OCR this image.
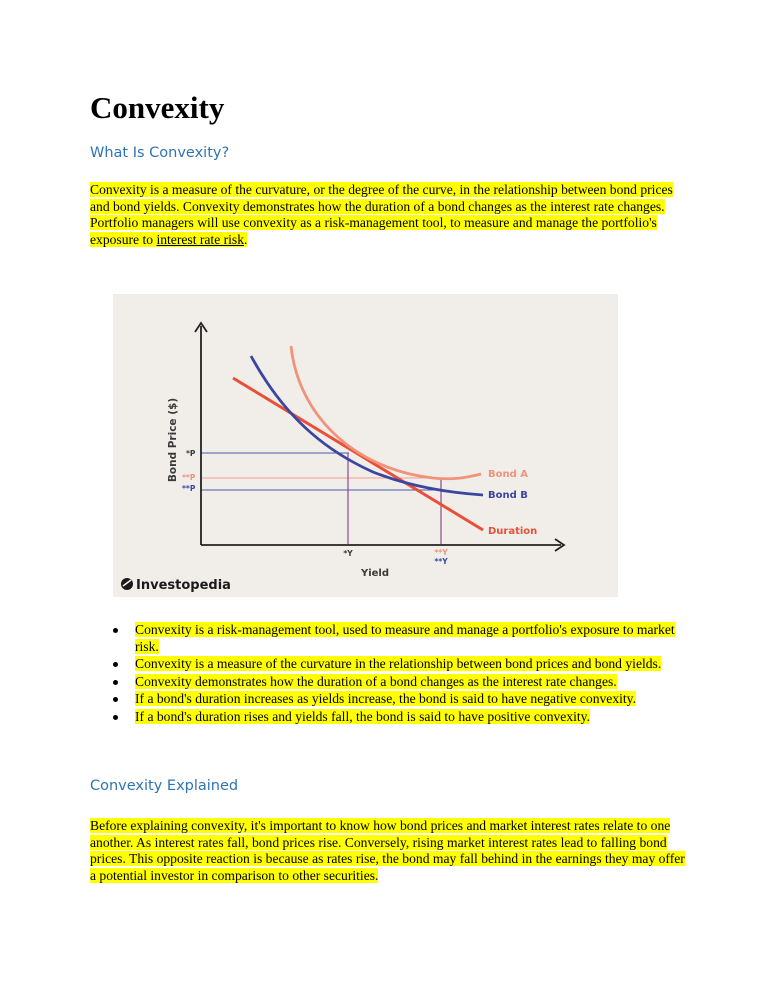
Convexity
What Is Convexity?

Convexity is a measure of the curvature, or the degree of the curve, in the relationship between bond prices and bond yields. Convexity demonstrates how the duration of a bond changes as the interest rate changes. Portfolio managers will use convexity as a risk-management tool, to measure and manage the portfolio's exposure to interest rate risk.

Bond Price ($)
Yield
*P
**P
**P
*Y	**Y
**Y
Bond A
Bond B
Duration
Investopedia
Convexity is a risk-management tool, used to measure and manage a portfolio's exposure to market risk.
Convexity is a measure of the curvature in the relationship between bond prices and bond yields.
Convexity demonstrates how the duration of a bond changes as the interest rate changes.
If a bond's duration increases as yields increase, the bond is said to have negative convexity.
If a bond's duration rises and yields fall, the bond is said to have positive convexity.
Convexity Explained

Before explaining convexity, it's important to know how bond prices and market interest rates relate to one another. As interest rates fall, bond prices rise. Conversely, rising market interest rates lead to falling bond prices. This opposite reaction is because as rates rise, the bond may fall behind in the earnings they may offer a potential investor in comparison to other securities.
